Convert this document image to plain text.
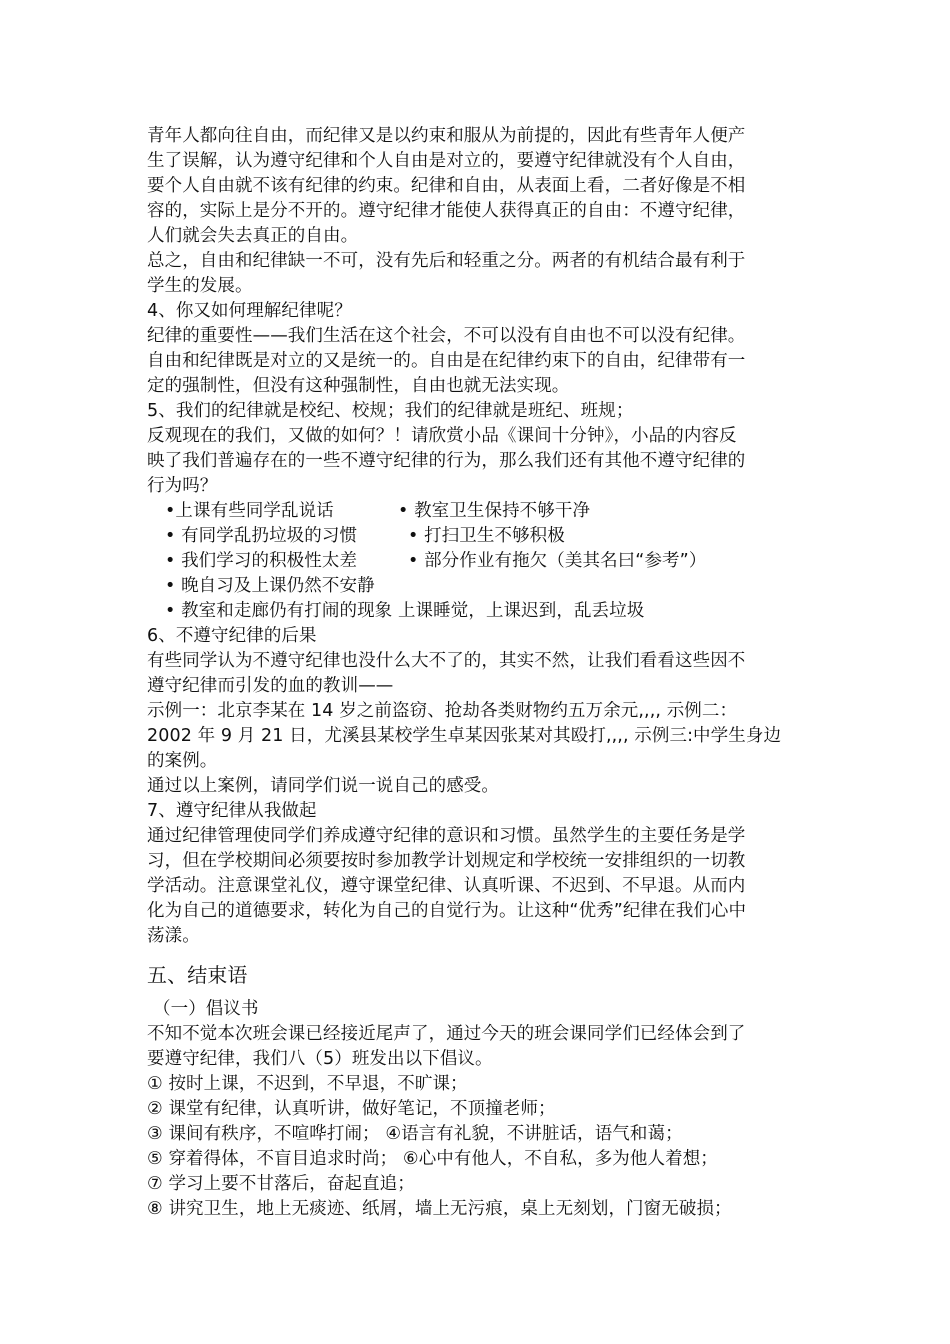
青年人都向往自由，而纪律又是以约束和服从为前提的，因此有些青年人便产
生了误解，认为遵守纪律和个人自由是对立的，要遵守纪律就没有个人自由，
要个人自由就不该有纪律的约束。纪律和自由，从表面上看，二者好像是不相
容的，实际上是分不开的。遵守纪律才能使人获得真正的自由：不遵守纪律，
人们就会失去真正的自由。
总之，自由和纪律缺一不可，没有先后和轻重之分。两者的有机结合最有利于
学生的发展。
4、你又如何理解纪律呢？
纪律的重要性——我们生活在这个社会，不可以没有自由也不可以没有纪律。
自由和纪律既是对立的又是统一的。自由是在纪律约束下的自由，纪律带有一
定的强制性，但没有这种强制性，自由也就无法实现。
5、我们的纪律就是校纪、校规；我们的纪律就是班纪、班规；
反观现在的我们，又做的如何？！请欣赏小品《课间十分钟》，小品的内容反
映了我们普遍存在的一些不遵守纪律的行为，那么我们还有其他不遵守纪律的
行为吗？
•上课有些同学乱说话	• 教室卫生保持不够干净
• 有同学乱扔垃圾的习惯	• 打扫卫生不够积极
• 我们学习的积极性太差	• 部分作业有拖欠（美其名曰“参考”）
• 晚自习及上课仍然不安静
• 教室和走廊仍有打闹的现象 上课睡觉，上课迟到，乱丢垃圾
6、不遵守纪律的后果
有些同学认为不遵守纪律也没什么大不了的，其实不然，让我们看看这些因不
遵守纪律而引发的血的教训——
示例一：北京李某在 14 岁之前盗窃、抢劫各类财物约五万余元,,,, 示例二：
2002 年 9 月 21 日，尤溪县某校学生卓某因张某对其殴打,,,, 示例三:中学生身边
的案例。
通过以上案例，请同学们说一说自己的感受。
7、遵守纪律从我做起
通过纪律管理使同学们养成遵守纪律的意识和习惯。虽然学生的主要任务是学
习，但在学校期间必须要按时参加教学计划规定和学校统一安排组织的一切教
学活动。注意课堂礼仪，遵守课堂纪律、认真听课、不迟到、不早退。从而内
化为自己的道德要求，转化为自己的自觉行为。让这种“优秀”纪律在我们心中
荡漾。
五、结束语
（一）倡议书
不知不觉本次班会课已经接近尾声了，通过今天的班会课同学们已经体会到了
要遵守纪律，我们八（5）班发出以下倡议。
① 按时上课，不迟到，不早退，不旷课；
② 课堂有纪律，认真听讲，做好笔记，不顶撞老师；
③ 课间有秩序，不喧哗打闹； ④语言有礼貌，不讲脏话，语气和蔼；
⑤ 穿着得体，不盲目追求时尚； ⑥心中有他人，不自私，多为他人着想；
⑦ 学习上要不甘落后，奋起直追；
⑧ 讲究卫生，地上无痰迹、纸屑，墙上无污痕，桌上无刻划，门窗无破损；
